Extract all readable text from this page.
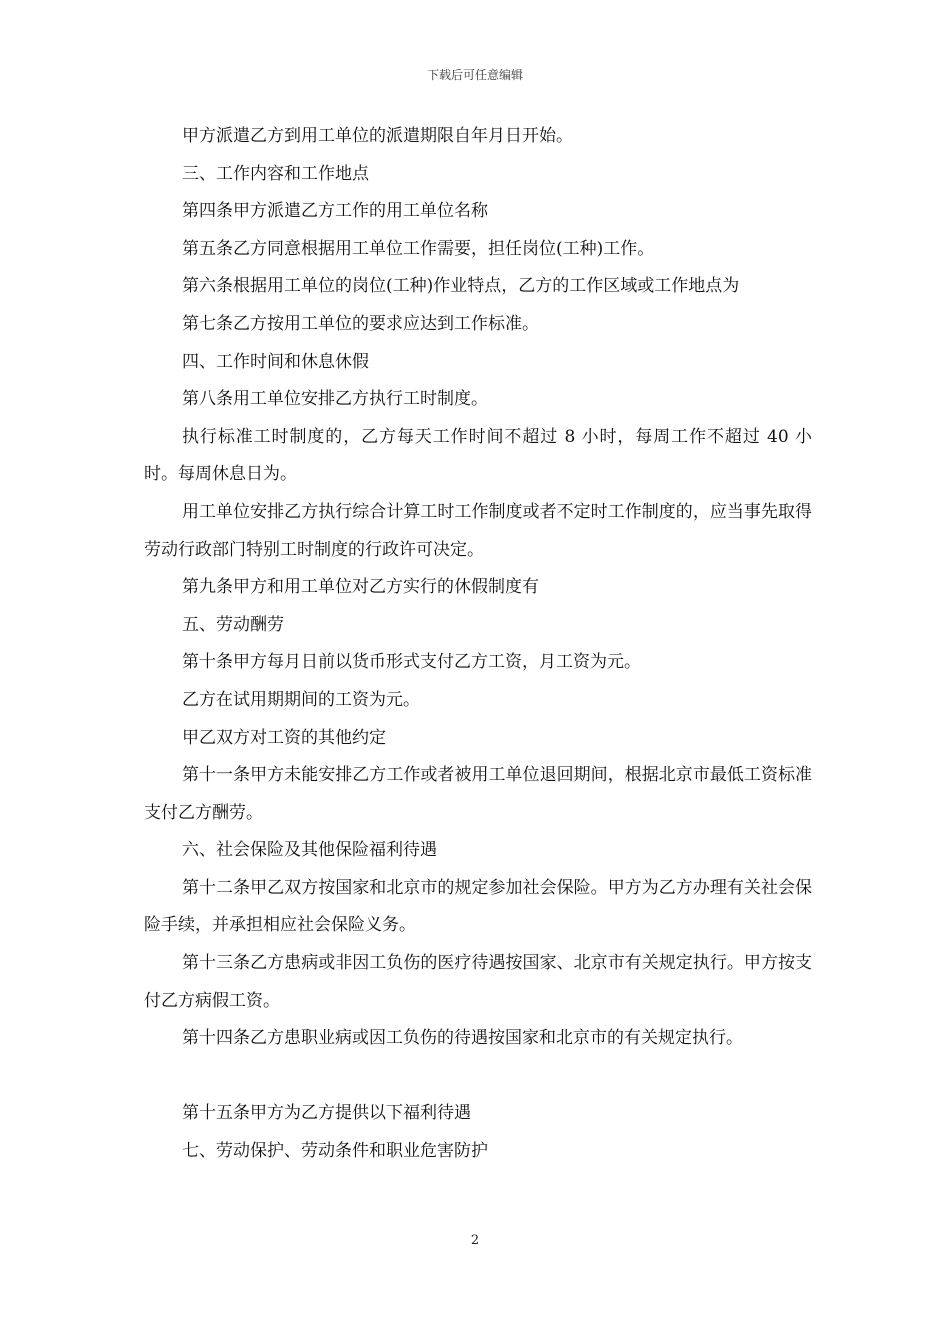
下载后可任意编辑

甲方派遣乙方到用工单位的派遣期限自年月日开始。

三、工作内容和工作地点

第四条甲方派遣乙方工作的用工单位名称

第五条乙方同意根据用工单位工作需要，担任岗位(工种)工作。

第六条根据用工单位的岗位(工种)作业特点，乙方的工作区域或工作地点为

第七条乙方按用工单位的要求应达到工作标准。

四、工作时间和休息休假

第八条用工单位安排乙方执行工时制度。

执行标准工时制度的，乙方每天工作时间不超过 8 小时，每周工作不超过 40 小时。每周休息日为。

用工单位安排乙方执行综合计算工时工作制度或者不定时工作制度的，应当事先取得劳动行政部门特别工时制度的行政许可决定。

第九条甲方和用工单位对乙方实行的休假制度有

五、劳动酬劳

第十条甲方每月日前以货币形式支付乙方工资，月工资为元。

乙方在试用期期间的工资为元。

甲乙双方对工资的其他约定

第十一条甲方未能安排乙方工作或者被用工单位退回期间，根据北京市最低工资标准支付乙方酬劳。

六、社会保险及其他保险福利待遇

第十二条甲乙双方按国家和北京市的规定参加社会保险。甲方为乙方办理有关社会保险手续，并承担相应社会保险义务。

第十三条乙方患病或非因工负伤的医疗待遇按国家、北京市有关规定执行。甲方按支付乙方病假工资。

第十四条乙方患职业病或因工负伤的待遇按国家和北京市的有关规定执行。

第十五条甲方为乙方提供以下福利待遇

七、劳动保护、劳动条件和职业危害防护

2
